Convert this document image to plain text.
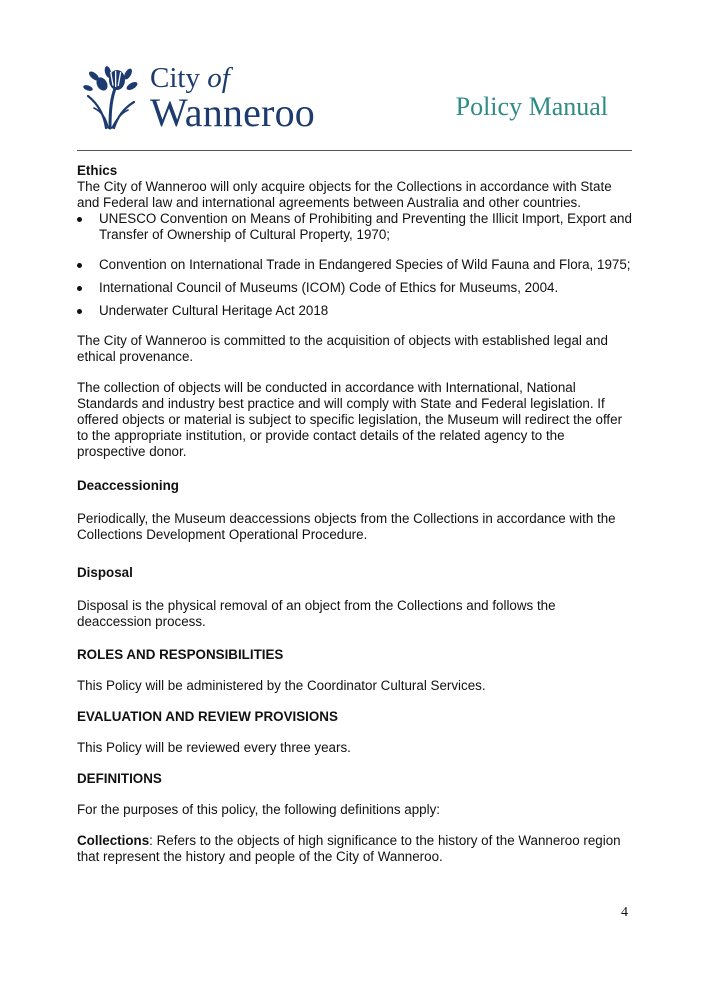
City of
Wanneroo	Policy Manual

Ethics

The City of Wanneroo will only acquire objects for the Collections in accordance with State and Federal law and international agreements between Australia and other countries.

UNESCO Convention on Means of Prohibiting and Preventing the Illicit Import, Export and Transfer of Ownership of Cultural Property, 1970;
Convention on International Trade in Endangered Species of Wild Fauna and Flora, 1975;
International Council of Museums (ICOM) Code of Ethics for Museums, 2004.
Underwater Cultural Heritage Act 2018

The City of Wanneroo is committed to the acquisition of objects with established legal and ethical provenance.

The collection of objects will be conducted in accordance with International, National Standards and industry best practice and will comply with State and Federal legislation. If offered objects or material is subject to specific legislation, the Museum will redirect the offer to the appropriate institution, or provide contact details of the related agency to the prospective donor.

Deaccessioning

Periodically, the Museum deaccessions objects from the Collections in accordance with the Collections Development Operational Procedure.

Disposal

Disposal is the physical removal of an object from the Collections and follows the deaccession process.

ROLES AND RESPONSIBILITIES

This Policy will be administered by the Coordinator Cultural Services.

EVALUATION AND REVIEW PROVISIONS

This Policy will be reviewed every three years.

DEFINITIONS

For the purposes of this policy, the following definitions apply:

Collections: Refers to the objects of high significance to the history of the Wanneroo region that represent the history and people of the City of Wanneroo.

4
